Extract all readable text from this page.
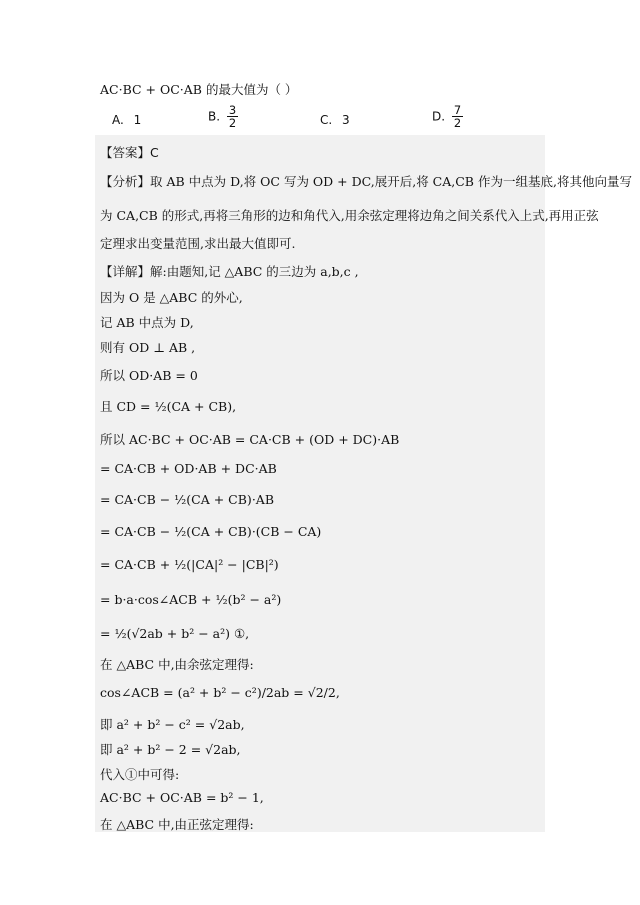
AC·BC + OC·AB 的最大值为（ ）
A. 1	B. $\frac{3}{2}$	C. 3	D. $\frac{7}{2}$
【答案】C
【分析】取 AB 中点为 D,将 OC 写为 OD + DC,展开后,将 CA,CB 作为一组基底,将其他向量写
为 CA,CB 的形式,再将三角形的边和角代入,用余弦定理将边角之间关系代入上式,再用正弦
定理求出变量范围,求出最大值即可.
【详解】解:由题知,记 △ABC 的三边为 a,b,c ,
因为 O 是 △ABC 的外心,
记 AB 中点为 D,
则有 OD ⊥ AB ,
所以 OD·AB = 0
且 CD = ½(CA + CB),
所以 AC·BC + OC·AB = CA·CB + (OD + DC)·AB
= CA·CB + OD·AB + DC·AB
= CA·CB − ½(CA + CB)·AB
= CA·CB − ½(CA + CB)·(CB − CA)
= CA·CB + ½(|CA|² − |CB|²)
= b·a·cos∠ACB + ½(b² − a²)
= ½(√2ab + b² − a²) ①,
在 △ABC 中,由余弦定理得:
cos∠ACB = (a² + b² − c²)/2ab = √2/2,
即 a² + b² − c² = √2ab,
即 a² + b² − 2 = √2ab,
代入①中可得:
AC·BC + OC·AB = b² − 1,
在 △ABC 中,由正弦定理得:
